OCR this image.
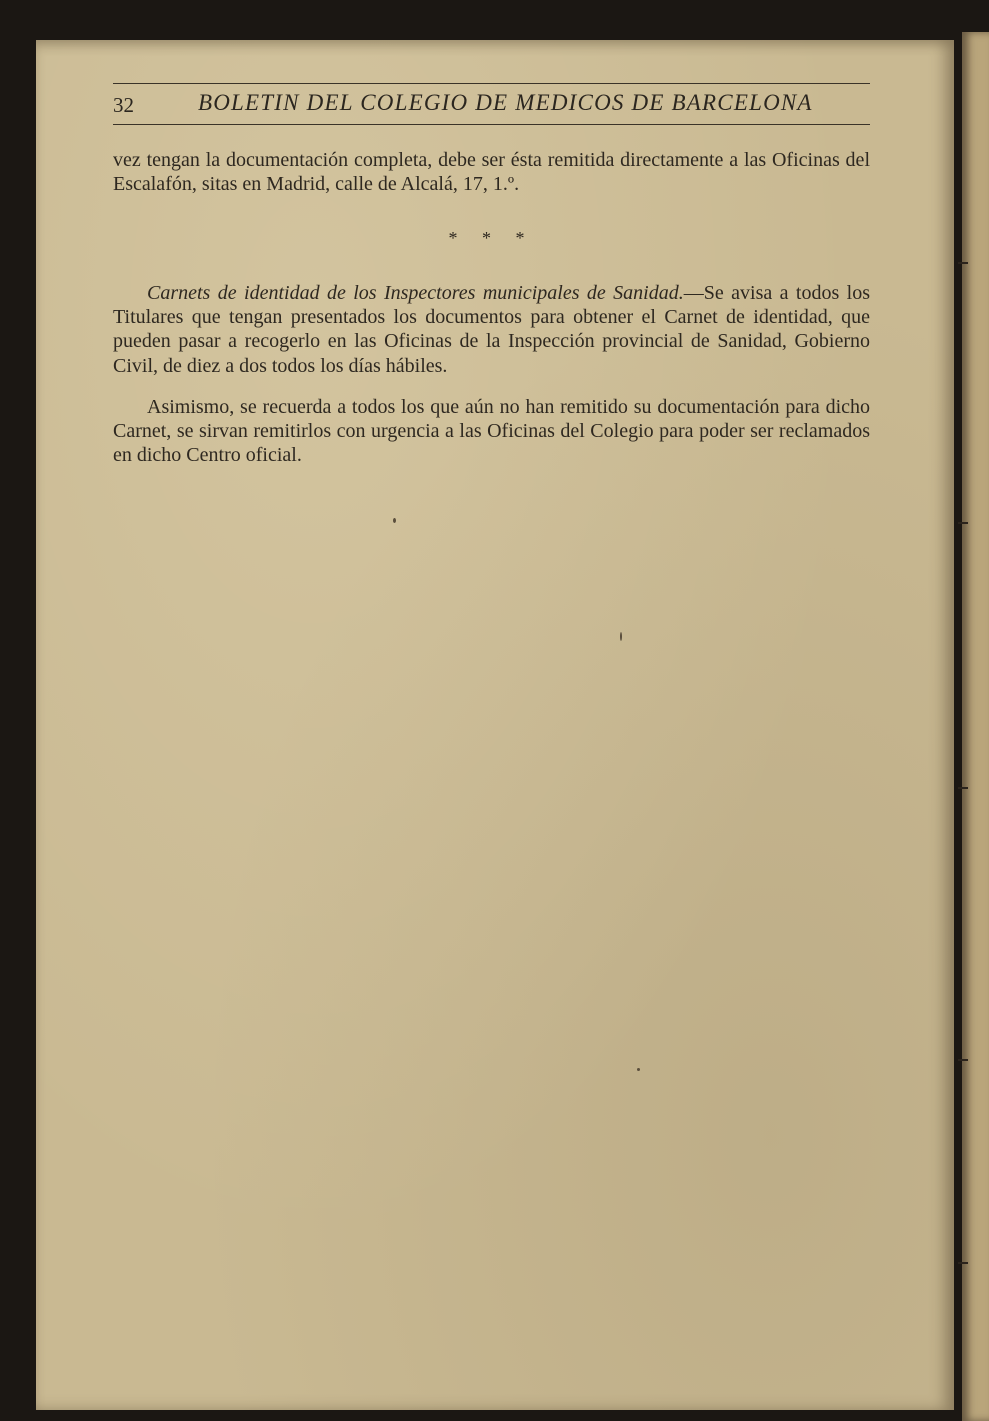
32	BOLETIN DEL COLEGIO DE MEDICOS DE BARCELONA
vez tengan la documentación completa, debe ser ésta remitida directamente a las Oficinas del Escalafón, sitas en Madrid, calle de Alcalá, 17, 1.º.
* * *
Carnets de identidad de los Inspectores municipales de Sanidad.—Se avisa a todos los Titulares que tengan presentados los documentos para obtener el Carnet de identidad, que pueden pasar a recogerlo en las Oficinas de la Inspección provincial de Sanidad, Gobierno Civil, de diez a dos todos los días hábiles.
Asimismo, se recuerda a todos los que aún no han remitido su documentación para dicho Carnet, se sirvan remitirlos con urgencia a las Oficinas del Colegio para poder ser reclamados en dicho Centro oficial.
